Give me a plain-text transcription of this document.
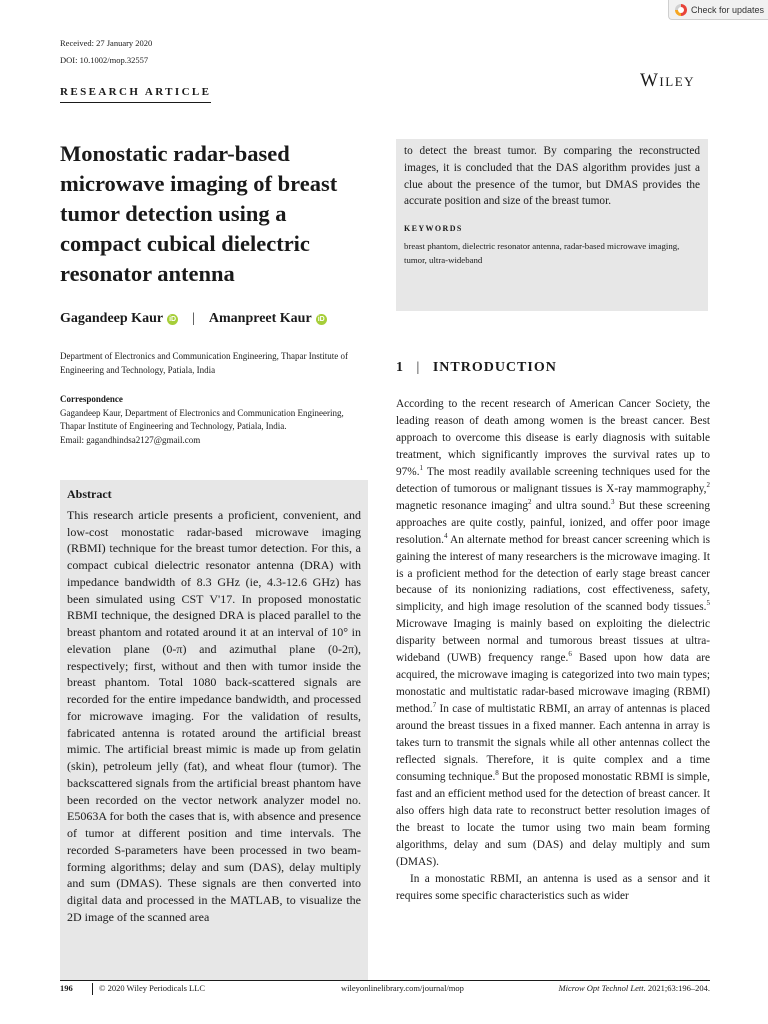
Check for updates
Received: 27 January 2020
DOI: 10.1002/mop.32557
Wiley
RESEARCH ARTICLE
Monostatic radar-based microwave imaging of breast tumor detection using a compact cubical dielectric resonator antenna
Gagandeep Kaur iD | Amanpreet Kaur iD
Department of Electronics and Communication Engineering, Thapar Institute of Engineering and Technology, Patiala, India
Correspondence
Gagandeep Kaur, Department of Electronics and Communication Engineering, Thapar Institute of Engineering and Technology, Patiala, India.
Email: gagandhindsa2127@gmail.com
Abstract

This research article presents a proficient, convenient, and low-cost monostatic radar-based microwave imaging (RBMI) technique for the breast tumor detection. For this, a compact cubical dielectric resonator antenna (DRA) with impedance bandwidth of 8.3 GHz (ie, 4.3-12.6 GHz) has been simulated using CST V'17. In proposed monostatic RBMI technique, the designed DRA is placed parallel to the breast phantom and rotated around it at an interval of 10° in elevation plane (0-π) and azimuthal plane (0-2π), respectively; first, without and then with tumor inside the breast phantom. Total 1080 back-scattered signals are recorded for the entire impedance bandwidth, and processed for microwave imaging. For the validation of results, fabricated antenna is rotated around the artificial breast mimic. The artificial breast mimic is made up from gelatin (skin), petroleum jelly (fat), and wheat flour (tumor). The backscattered signals from the artificial breast phantom have been recorded on the vector network analyzer model no. E5063A for both the cases that is, with absence and presence of tumor at different position and time intervals. The recorded S-parameters have been processed in two beam-forming algorithms; delay and sum (DAS), delay multiply and sum (DMAS). These signals are then converted into digital data and processed in the MATLAB, to visualize the 2D image of the scanned area

to detect the breast tumor. By comparing the reconstructed images, it is concluded that the DAS algorithm provides just a clue about the presence of the tumor, but DMAS provides the accurate position and size of the breast tumor.

KEYWORDS

breast phantom, dielectric resonator antenna, radar-based microwave imaging, tumor, ultra-wideband

1 | INTRODUCTION

According to the recent research of American Cancer Society, the leading reason of death among women is the breast cancer. Best approach to overcome this disease is early diagnosis with suitable treatment, which significantly improves the survival rates up to 97%.$^1$ The most readily available screening techniques used for the detection of tumorous or malignant tissues is X-ray mammography,$^2$ magnetic resonance imaging$^2$ and ultra sound.$^3$ But these screening approaches are quite costly, painful, ionized, and offer poor image resolution.$^4$ An alternate method for breast cancer screening which is gaining the interest of many researchers is the microwave imaging. It is a proficient method for the detection of early stage breast cancer because of its nonionizing radiations, cost effectiveness, safety, simplicity, and high image resolution of the scanned body tissues.$^5$ Microwave Imaging is mainly based on exploiting the dielectric disparity between normal and tumorous breast tissues at ultra-wideband (UWB) frequency range.$^6$ Based upon how data are acquired, the microwave imaging is categorized into two main types; monostatic and multistatic radar-based microwave imaging (RBMI) method.$^7$ In case of multistatic RBMI, an array of antennas is placed around the breast tissues in a fixed manner. Each antenna in array is takes turn to transmit the signals while all other antennas collect the reflected signals. Therefore, it is quite complex and a time consuming technique.$^8$ But the proposed monostatic RBMI is simple, fast and an efficient method used for the detection of breast cancer. It also offers high data rate to reconstruct better resolution images of the breast to locate the tumor using two main beam forming algorithms, delay and sum (DAS) and delay multiply and sum (DMAS).

In a monostatic RBMI, an antenna is used as a sensor and it requires some specific characteristics such as wider

196	© 2020 Wiley Periodicals LLC	wileyonlinelibrary.com/journal/mop	Microw Opt Technol Lett. 2021;63:196–204.
